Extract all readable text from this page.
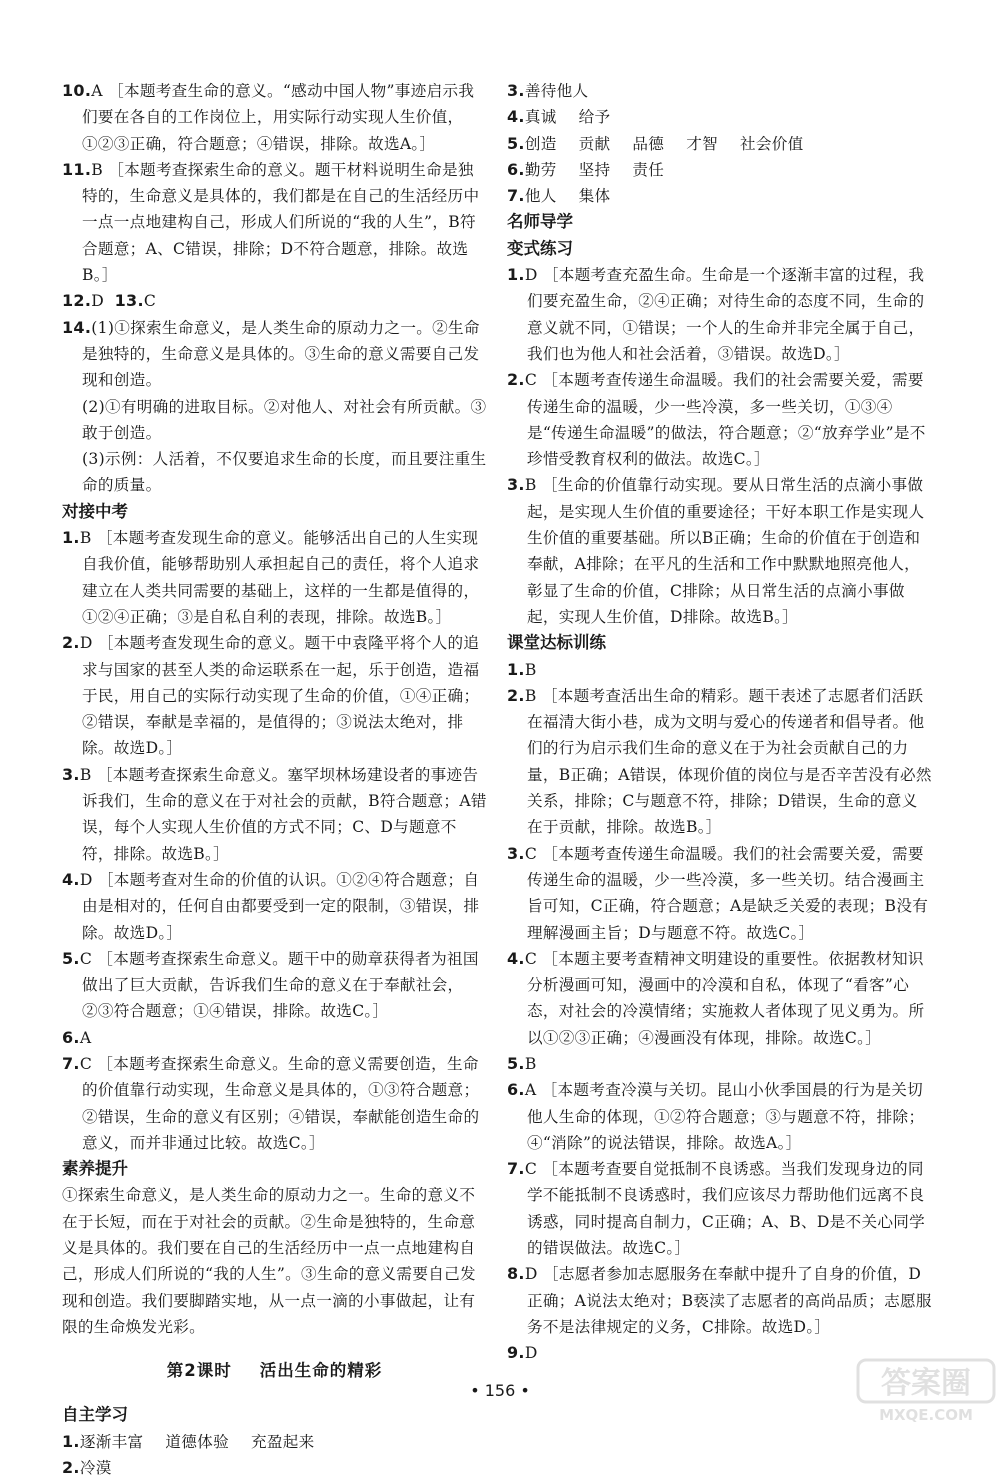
10.A ［本题考查生命的意义。“感动中国人物”事迹启示我们要在各自的工作岗位上，用实际行动实现人生价值，①②③正确，符合题意；④错误，排除。故选A。］

11.B ［本题考查探索生命的意义。题干材料说明生命是独特的，生命意义是具体的，我们都是在自己的生活经历中一点一点地建构自己，形成人们所说的“我的人生”，B符合题意；A、C错误，排除；D不符合题意，排除。故选B。］

12.D 13.C

14.(1)①探索生命意义，是人类生命的原动力之一。②生命是独特的，生命意义是具体的。③生命的意义需要自己发现和创造。

(2)①有明确的进取目标。②对他人、对社会有所贡献。③敢于创造。

(3)示例：人活着，不仅要追求生命的长度，而且要注重生命的质量。

对接中考

1.B ［本题考查发现生命的意义。能够活出自己的人生实现自我价值，能够帮助别人承担起自己的责任，将个人追求建立在人类共同需要的基础上，这样的一生都是值得的，①②④正确；③是自私自利的表现，排除。故选B。］

2.D ［本题考查发现生命的意义。题干中袁隆平将个人的追求与国家的甚至人类的命运联系在一起，乐于创造，造福于民，用自己的实际行动实现了生命的价值，①④正确；②错误，奉献是幸福的，是值得的；③说法太绝对，排除。故选D。］

3.B ［本题考查探索生命意义。塞罕坝林场建设者的事迹告诉我们，生命的意义在于对社会的贡献，B符合题意；A错误，每个人实现人生价值的方式不同；C、D与题意不符，排除。故选B。］

4.D ［本题考查对生命的价值的认识。①②④符合题意；自由是相对的，任何自由都要受到一定的限制，③错误，排除。故选D。］

5.C ［本题考查探索生命意义。题干中的勋章获得者为祖国做出了巨大贡献，告诉我们生命的意义在于奉献社会，②③符合题意；①④错误，排除。故选C。］

6.A

7.C ［本题考查探索生命意义。生命的意义需要创造，生命的价值靠行动实现，生命意义是具体的，①③符合题意；②错误，生命的意义有区别；④错误，奉献能创造生命的意义，而并非通过比较。故选C。］

素养提升

①探索生命意义，是人类生命的原动力之一。生命的意义不在于长短，而在于对社会的贡献。②生命是独特的，生命意义是具体的。我们要在自己的生活经历中一点一点地建构自己，形成人们所说的“我的人生”。③生命的意义需要自己发现和创造。我们要脚踏实地，从一点一滴的小事做起，让有限的生命焕发光彩。

第2课时 活出生命的精彩

自主学习

1.逐渐丰富 道德体验 充盈起来

2.冷漠

3.善待他人

4.真诚 给予

5.创造 贡献 品德 才智 社会价值

6.勤劳 坚持 责任

7.他人 集体

名师导学

变式练习

1.D ［本题考查充盈生命。生命是一个逐渐丰富的过程，我们要充盈生命，②④正确；对待生命的态度不同，生命的意义就不同，①错误；一个人的生命并非完全属于自己，我们也为他人和社会活着，③错误。故选D。］

2.C ［本题考查传递生命温暖。我们的社会需要关爱，需要传递生命的温暖，少一些冷漠，多一些关切，①③④是“传递生命温暖”的做法，符合题意；②“放弃学业”是不珍惜受教育权利的做法。故选C。］

3.B ［生命的价值靠行动实现。要从日常生活的点滴小事做起，是实现人生价值的重要途径；干好本职工作是实现人生价值的重要基础。所以B正确；生命的价值在于创造和奉献，A排除；在平凡的生活和工作中默默地照亮他人，彰显了生命的价值，C排除；从日常生活的点滴小事做起，实现人生价值，D排除。故选B。］

课堂达标训练

1.B

2.B ［本题考查活出生命的精彩。题干表述了志愿者们活跃在福清大街小巷，成为文明与爱心的传递者和倡导者。他们的行为启示我们生命的意义在于为社会贡献自己的力量，B正确；A错误，体现价值的岗位与是否辛苦没有必然关系，排除；C与题意不符，排除；D错误，生命的意义在于贡献，排除。故选B。］

3.C ［本题考查传递生命温暖。我们的社会需要关爱，需要传递生命的温暖，少一些冷漠，多一些关切。结合漫画主旨可知，C正确，符合题意；A是缺乏关爱的表现；B没有理解漫画主旨；D与题意不符。故选C。］

4.C ［本题主要考查精神文明建设的重要性。依据教材知识分析漫画可知，漫画中的冷漠和自私，体现了“看客”心态，对社会的冷漠情绪；实施救人者体现了见义勇为。所以①②③正确；④漫画没有体现，排除。故选C。］

5.B

6.A ［本题考查冷漠与关切。昆山小伙季国晨的行为是关切他人生命的体现，①②符合题意；③与题意不符，排除；④“消除”的说法错误，排除。故选A。］

7.C ［本题考查要自觉抵制不良诱惑。当我们发现身边的同学不能抵制不良诱惑时，我们应该尽力帮助他们远离不良诱惑，同时提高自制力，C正确；A、B、D是不关心同学的错误做法。故选C。］

8.D ［志愿者参加志愿服务在奉献中提升了自身的价值，D正确；A说法太绝对；B亵渎了志愿者的高尚品质；志愿服务不是法律规定的义务，C排除。故选D。］

9.D

• 156 •	答案圈
MXQE.COM
